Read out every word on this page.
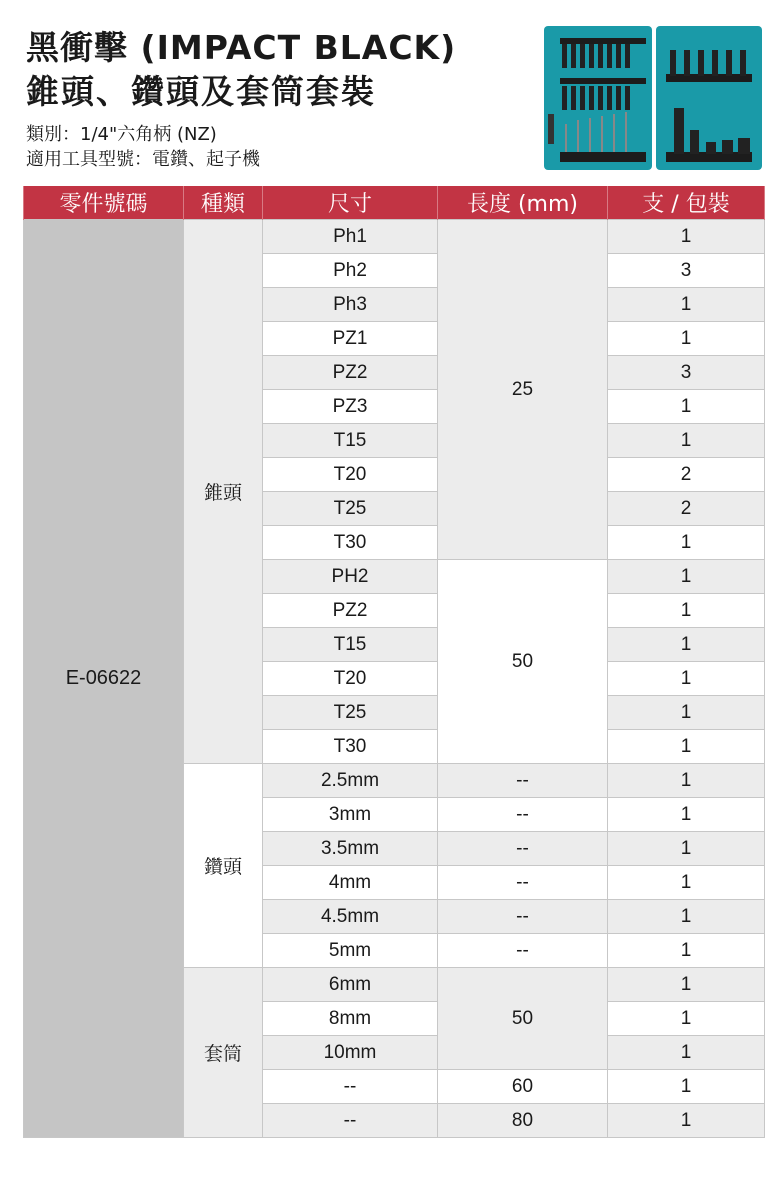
黑衝擊 (IMPACT BLACK)
錐頭、鑽頭及套筒套裝
類別：1/4"六角柄 (NZ)
適用工具型號：電鑽、起子機
零件號碼	種類	尺寸	長度 (mm)	支 / 包裝
E-06622	錐頭	Ph1	25	1
		Ph2		3
		Ph3		1
		PZ1		1
		PZ2		3
		PZ3		1
		T15		1
		T20		2
		T25		2
		T30		1
		PH2	50	1
		PZ2		1
		T15		1
		T20		1
		T25		1
		T30		1
	鑽頭	2.5mm	--	1
		3mm	--	1
		3.5mm	--	1
		4mm	--	1
		4.5mm	--	1
		5mm	--	1
	套筒	6mm	50	1
		8mm		1
		10mm		1
		--	60	1
		--	80	1
